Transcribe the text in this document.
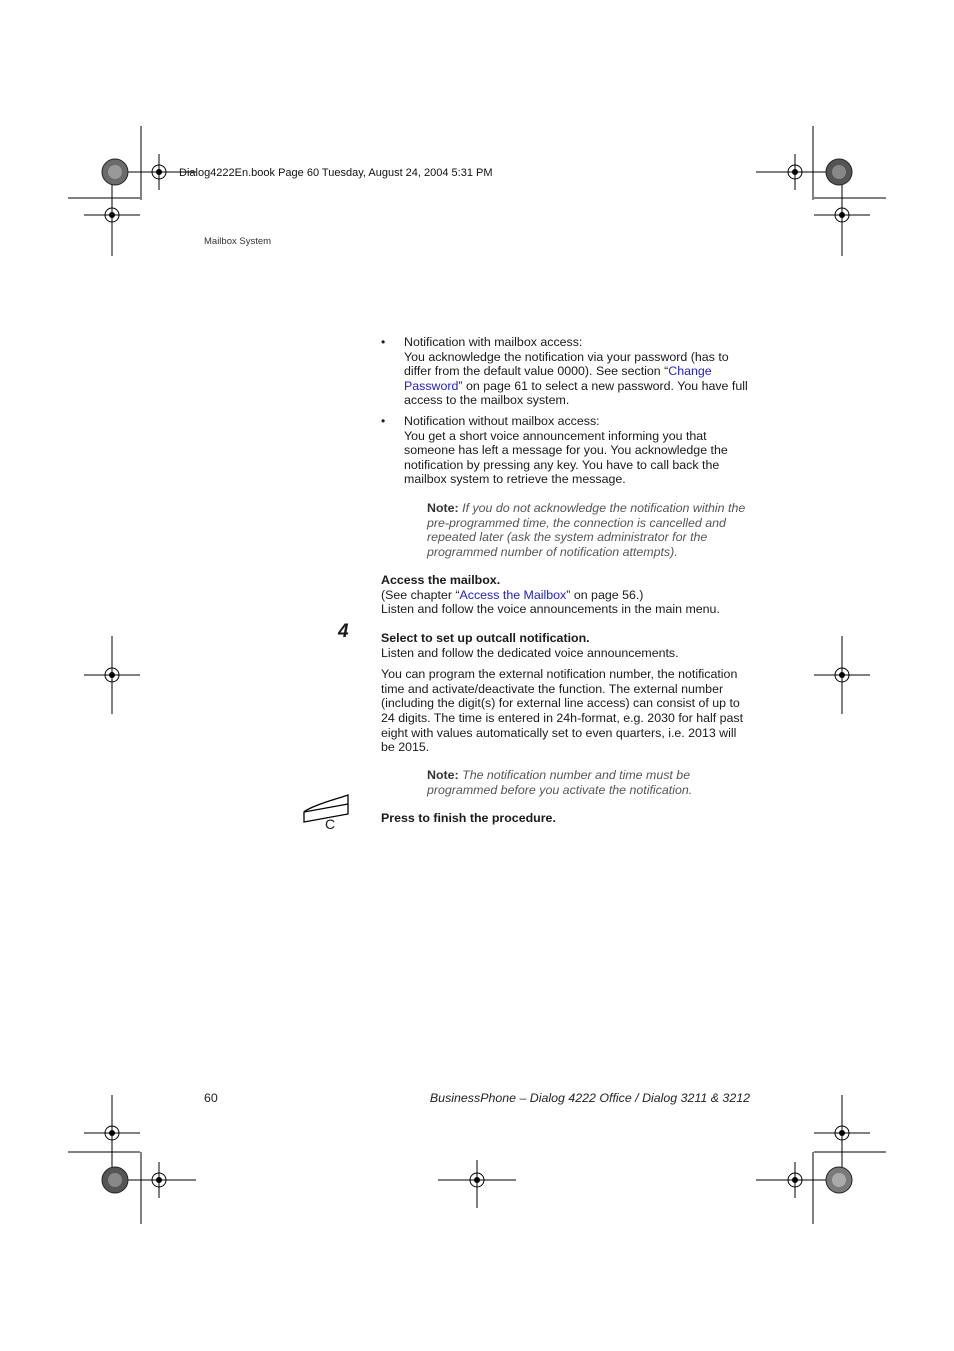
Dialog4222En.book Page 60 Tuesday, August 24, 2004 5:31 PM
Mailbox System
• Notification with mailbox access:
You acknowledge the notification via your password (has to differ from the default value 0000). See section “Change Password” on page 61 to select a new password. You have full access to the mailbox system.
• Notification without mailbox access:
You get a short voice announcement informing you that someone has left a message for you. You acknowledge the notification by pressing any key. You have to call back the mailbox system to retrieve the message.
Note: If you do not acknowledge the notification within the pre-programmed time, the connection is cancelled and repeated later (ask the system administrator for the programmed number of notification attempts).
Access the mailbox.
(See chapter “Access the Mailbox” on page 56.)
Listen and follow the voice announcements in the main menu.
4	Select to set up outcall notification.
Listen and follow the dedicated voice announcements.
You can program the external notification number, the notification time and activate/deactivate the function. The external number (including the digit(s) for external line access) can consist of up to 24 digits. The time is entered in 24h-format, e.g. 2030 for half past eight with values automatically set to even quarters, i.e. 2013 will be 2015.
Note: The notification number and time must be programmed before you activate the notification.
C	Press to finish the procedure.
60	BusinessPhone – Dialog 4222 Office / Dialog 3211 & 3212
